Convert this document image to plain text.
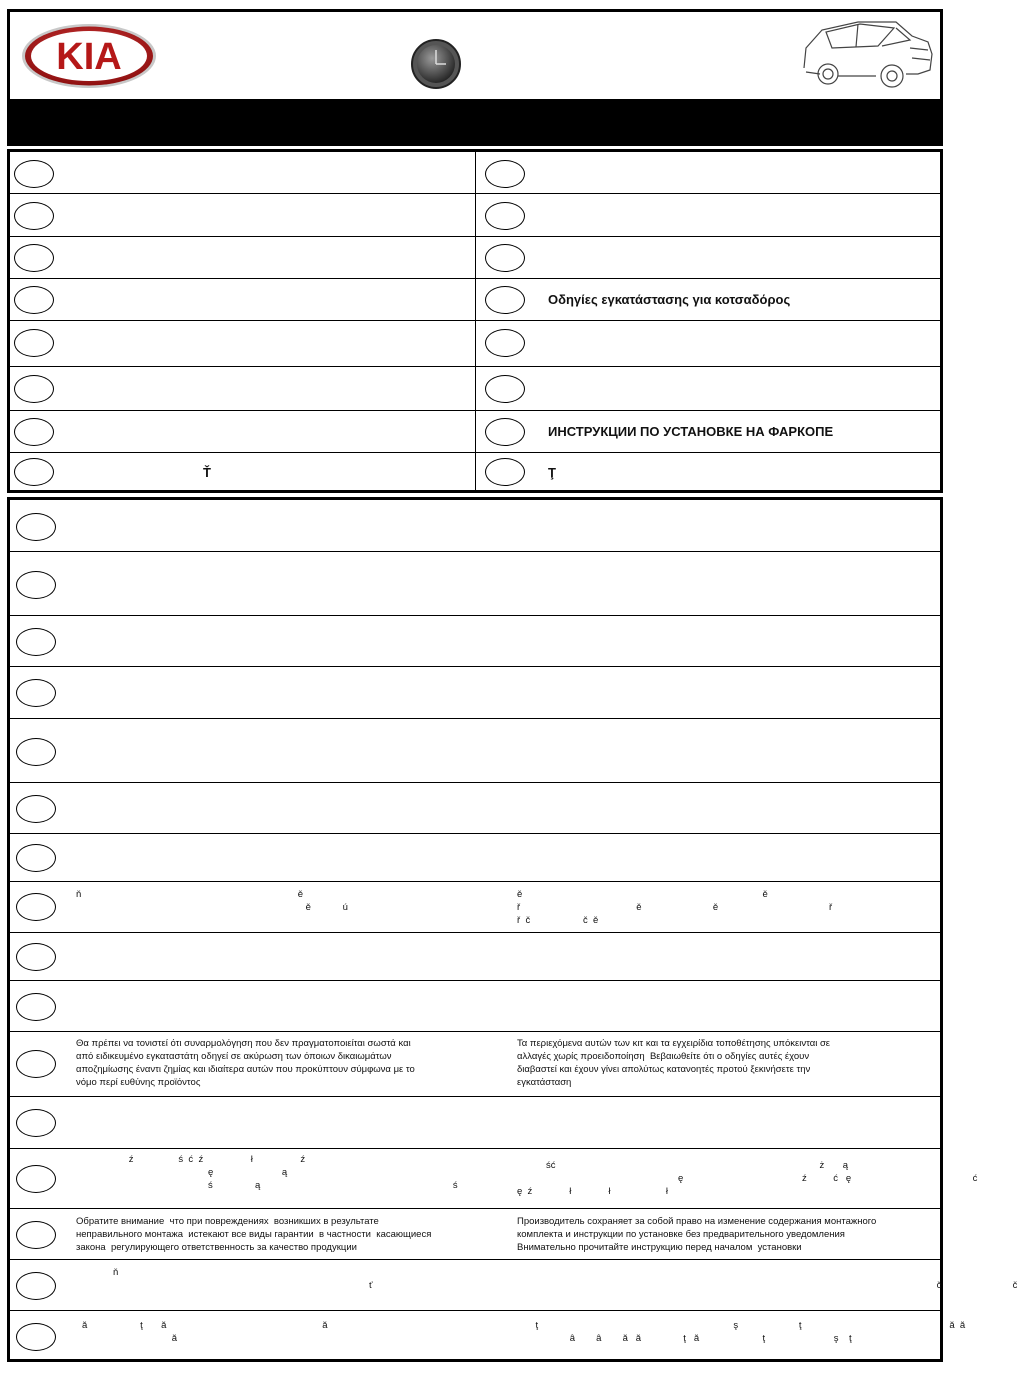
KIA
Ť
Οδηγίες εγκατάστασης για κοτσαδόρος
ИНСТРУКЦИИ ПО УСТАНОВКЕ НА ФАРКОПЕ
Ţ
ň                                                                                  ě
ě            ú
ě                                                                                           ě
ř                                            ě                           ě                                          ř
ř  č                    č  ě
Θα πρέπει να τονιστεί ότι συναρμολόγηση που δεν πραγματοποιείται σωστά και
από ειδικευμένο εγκαταστάτη οδηγεί σε ακύρωση των όποιων δικαιωμάτων
αποζημίωσης έναντι ζημίας και ιδιαίτερα αυτών που προκύπτουν σύμφωνα με το
νόμο περί ευθύνης προϊόντος
Τα περιεχόμενα αυτών των κιτ και τα εγχειρίδια τοποθέτησης υπόκεινται σε
αλλαγές χωρίς προειδοποίηση  Βεβαιωθείτε ότι ο οδηγίες αυτές έχουν
διαβαστεί και έχουν γίνει απολύτως κατανοητές προτού ξεκινήσετε την
εγκατάσταση
ź                 ś  ć  ź                  ł                  ź
ę                          ą
ś                ą                                                                         ś
ść                                                                                                    ż       ą
ę                                             ź          ć   ę                                              ć
ę  ź              ł              ł                     ł
Обратите внимание  что при повреждениях  возникших в результате
неправильного монтажа  истекают все виды гарантии  в частности  касающиеся
закона  регулирующего ответственность за качество продукции
Производитель сохраняет за собой право на изменение содержания монтажного
комплекта и инструкции по установке без предварительного уведомления
Внимательно прочитайте инструкцию перед началом  установки
ň
ť	
č                           č
ă                    ţ       ă                                                           ă
ă
ţ                                                                          ş                       ţ                                                        ă  ă
â        â        ă   ă                ţ   ă                        ţ                          ş    ţ
